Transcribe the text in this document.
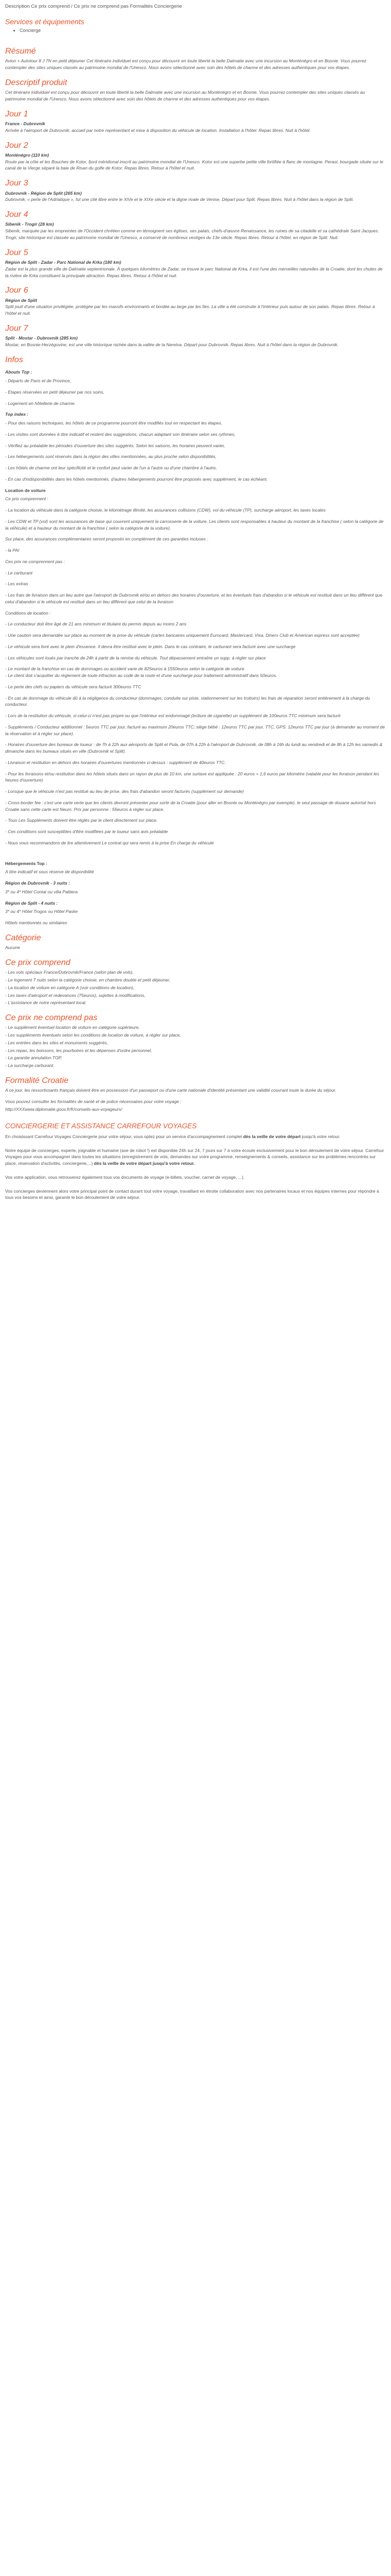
Description Ce prix comprend / Ce prix ne comprend pas Formalités Conciergerie
Services et équipements
• Concierge
Résumé

Avion + Autotour 8 J 7N en petit déjeuner Cet itinéraire individuel est conçu pour découvrir en toute liberté la belle Dalmatie avec une incursion au Monténégro et en Bosnie. Vous pourrez contempler des sites uniques classés au patrimoine mondial de l'Unesco. Nous avons sélectionné avec soin des hôtels de charme et des adresses authentiques pour vos étapes.

Descriptif produit

Cet itinéraire individuel est conçu pour découvrir en toute liberté la belle Dalmatie avec une incursion au Monténégro et en Bosnie. Vous pourrez contempler des sites uniques classés au patrimoine mondial de l'Unesco. Nous avons sélectionné avec soin des hôtels de charme et des adresses authentiques pour vos étapes.

Jour 1

France - Dubrovnik

Arrivée à l'aéroport de Dubrovnik, accueil par notre représentant et mise à disposition du véhicule de location. Installation à l'hôtel. Repas libres. Nuit à l'hôtel.

Jour 2

Monténégro (110 km)

Route par la côte et les Bouches de Kotor, fjord méridional inscrit au patrimoine mondial de l'Unesco. Kotor est une superbe petite ville fortifiée à flanc de montagne. Perast, bourgade située sur le canal de la Vierge séparé la baie de Risan du golfe de Kotor. Repas libres. Retour à l'hôtel et nuit.

Jour 3

Dubrovnik - Région de Split (265 km)

Dubrovnik, « perle de l'Adriatique », fut une cité libre entre le XIVe et le XIXe siècle et la digne rivale de Venise. Départ pour Split. Repas libres. Nuit à l'hôtel dans la région de Split.

Jour 4

Sibenik - Trogir (28 km)

Sibenik, marquée par les empreintes de l'Occident chrétien comme en témoignent ses églises, ses palais, chefs-d'œuvre Renaissance, les ruines de sa citadelle et sa cathédrale Saint Jacques. Trogir, site historique est classée au patrimoine mondial de l'Unesco, a conservé de nombreux vestiges du 13e siècle. Repas libres. Retour à l'hôtel, en région de Split. Nuit.

Jour 5

Région de Split - Zadar - Parc National de Krka (180 km)

Zadar est la plus grande ville de Dalmatie septentrionale. À quelques kilomètres de Zadar, se trouve le parc National de Krka, il est l'une des merveilles naturelles de la Croatie, dont les chutes de la rivière de Krka constituent la principale attraction. Repas libres. Retour à l'hôtel et nuit.

Jour 6

Région de Split

Split jouit d'une situation privilégiée, protégée par les massifs environnants et bordée au large par les îles. La ville a été construite à l'intérieur puis autour de son palais. Repas libres. Retour à l'hôtel et nuit.

Jour 7

Split - Mostar - Dubrovnik (285 km)

Mostar, en Bosnie-Herzégovine, est une ville historique nichée dans la vallée de la Neretva. Départ pour Dubrovnik. Repas libres. Nuit à l'hôtel dans la région de Dubrovnik.

Infos
Abouts Top :
- Départs de Paris et de Province,
- Etapes réservées en petit déjeuner par nos soins,
- Logement en hôtellerie de charme.
Top index :
- Pour des raisons techniques, les hôtels de ce programme pourront être modifiés tout en respectant les étapes.
- Les visites sont données à titre indicatif et restent des suggestions, chacun adaptant son itinéraire selon ses rythmes,
- Vérifiez au préalable les périodes d'ouverture des sites suggérés. Selon les saisons, les horaires peuvent varier,
- Les hébergements sont réservés dans la région des villes mentionnées, au plus proche selon disponibilités,
- Les hôtels de charme ont leur spécificité et le confort peut varier de l'un à l'autre ou d'une chambre à l'autre,
- En cas d'indisponibilités dans les hôtels mentionnés, d'autres hébergements pourront être proposés avec supplément, le cas échéant.
Location de voiture
Ce prix comprennent :
- La location du véhicule dans la catégorie choisie, le kilométrage illimité, les assurances collisions (CDW), vol du véhicule (TP), surcharge aéroport, les taxes locales
- Les CDW et TP (vol) sont les assurances de base qui couvrent uniquement la carrosserie de la voiture. Les clients sont responsables à hauteur du montant de la franchise ( selon la catégorie de la véhicule) et à hauteur du montant de la franchise ( selon la catégorie de la voiture).
Sur place, des assurances complémentaires seront proposés en complément de ces garanties incluses :
- la PAI
Ces prix ne comprennent pas :
- Le carburant
- Les extras
- Les frais de livraison dans un lieu autre que l'aéroport de Dubrovnik et/ou en dehors des horaires d'ouverture, et les éventuels frais d'abandon si le véhicule est restitué dans un lieu différent que celui d'abandon si le véhicule est restitué dans un lieu différent que celui de la livraison
Conditions de location :
- Le conducteur doit être âgé de 21 ans minimum et titulaire du permis depuis au moins 2 ans
- Une caution sera demandée sur place au moment de la prise du véhicule (cartes bancaires uniquement Eurocard, Mastercard, Visa, Diners Club et American express sont acceptée)
- Le véhicule sera livré avec le plein d'essence. Il devra être restitué avec le plein. Dans le cas contraire, le carburant sera facturé avec une surcharge
- Les véhicules sont loués par tranche de 24h à partir de la remise du véhicule. Tout dépassement entraîne un supp. à régler sur place
- Le montant de la franchise en cas de dommages ou accident varie de 825euros à 1550euros selon la catégorie de voiture
- Le client doit s'acquitter du règlement de toute infraction au code de la route et d'une surcharge pour traitement administratif dans 50euros.
- Le perte des clefs ou papiers du véhicule sera facturé 300euros TTC
- En cas de dommage du véhicule dû à la négligence du conducteur (dommages, conduite sur piste, stationnement sur les trottoirs) les frais de réparation seront entièrement à la charge du conducteur.
- Lors de la restitution du véhicule, si celui-ci n'est pas propre ou que l'intérieur est endommagé (brûlure de cigarette) un supplément de 100euros TTC minimum sera facturé
- Suppléments / Conducteur additionnel : 5euros TTC par jour, facturé au maximum 20euros TTC; siège bébé : 12euros TTC par jour, TTC, GPS: 12euros TTC par jour (à demander au moment de la réservation et à régler sur place).
- Horaires d'ouverture des bureaux de loueur : de 7h à 22h aux aéroports de Split et Pula, de 07h à 22h à l'aéroport de Dubrovnik, de 08h à 16h du lundi au vendredi et de 8h à 12h les samedis & dimanche dans les bureaux situés en ville (Dubrovnik et Split).
- Livraison et restitution en dehors des horaires d'ouvertures mentionnés ci-dessus : supplément de 40euros TTC.
- Pour les livraisons et/ou restitution dans les hôtels situés dans un rayon de plus de 10 km, une surtaxe est appliquée : 20 euros + 1,6 euros par kilomètre (valable pour les livraison pendant les heures d'ouverture)
- Lorsque que le véhicule n'est pas restitué au lieu de prise, des frais d'abandon seront facturés (supplément sur demande)
- Cross-border fee : c'est une carte verte que les clients devront présenter pour sortir de la Croatie (pour aller en Bosnie ou Monténégro par exemple), le seul passage de douane autorisé hors Croatie sans cette carte est Neum. Prix par personne : 55euros à régler sur place.
- Tous Les Suppléments doivent être réglés par le client directement sur place.
- Ces conditions sont susceptibles d'être modifiées par le loueur sans avis préalable
- Nous vous recommandons de lire attentivement Le contrat qui sera remis à la prise En charge du véhicule
Hébergements Top :
A titre indicatif et sous réserve de disponibilité
Région de Dubrovnik - 3 nuits :
3* ou 4* Hôtel Contat ou villa Pattiera
Région de Split - 4 nuits :
3* ou 4* Hôtel Trogos ou Hôtel Paske
Hôtels mentionnés ou similaires
Catégorie
Aucune
Ce prix comprend
- Les vols spéciaux France/Dubrovnik/France (selon plan de vols),
- Le logement 7 nuits selon la catégorie choisie, en chambre double et petit déjeuner,
- La location de voiture en catégorie A (voir conditions de location),
- Les taxes d'aéroport et redevances (75euros), sujettes à modifications,
- L'assistance de notre représentant local.
Ce prix ne comprend pas
- Le supplément éventuel location de voiture en catégorie supérieure,
- Les suppléments éventuels selon les conditions de location de voiture, à régler sur place,
- Les entrées dans les sites et monuments suggérés,
- Les repas, les boissons, les pourboires et les dépenses d'ordre personnel,
- La garantie annulation TOP,
- La surcharge carburant.
Formalité Croatie
A ce jour, les ressortissants français doivent être en possession d'un passeport ou d'une carte nationale d'identité présentant une validité couvrant toute la durée du séjour.
Vous pouvez consulter les formalités de santé et de police nécessaires pour votre voyage :
http://XXXwww.diplomatie.gouv.fr/fr/conseils-aux-voyageurs/
CONCIERGERIE ET ASSISTANCE CARREFOUR VOYAGES

En choisissant Carrefour Voyages Conciergerie pour votre séjour, vous optez pour un service d'accompagnement complet dès la veille de votre départ jusqu'à votre retour.

Notre équipe de concierges, experte, joignable et humaine (axe de robot !) est disponible 24h sur 24, 7 jours sur 7 à votre écoute exclusivement pour le bon déroulement de votre séjour. Carrefour Voyages pour vous accompagner dans toutes les situations (enregistrement de vols, demandes sur votre programme, renseignements & conseils, assistance sur les problèmes rencontrés sur place, réservation d'activités, conciergerie,...) dès la veille de votre départ jusqu'à votre retour.

Vos votre application, vous retrouverez également tous vos documents de voyage (e-billets, voucher, carnet de voyage, ...).

Vos concierges deviennent alors votre principal point de contact durant tout votre voyage, travaillant en étroite collaboration avec nos partenaires locaux et nos équipes internes pour répondre à tous vos besoins et ainsi, garantir le bon déroulement de votre séjour.
